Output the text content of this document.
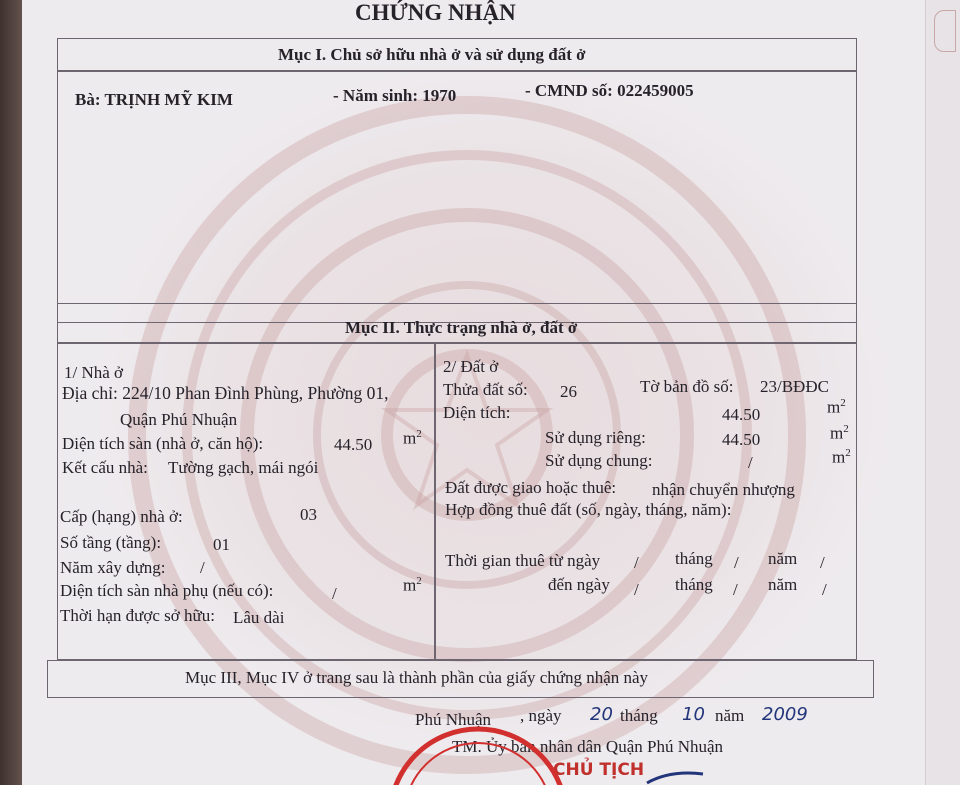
CHỨNG NHẬN
Mục I. Chủ sở hữu nhà ở và sử dụng đất ở
Bà: TRỊNH MỸ KIM	- Năm sinh: 1970	- CMND số: 022459005
Mục II. Thực trạng nhà ở, đất ở
1/ Nhà ở
Địa chỉ: 224/10 Phan Đình Phùng, Phường 01,
Quận Phú Nhuận
Diện tích sàn (nhà ở, căn hộ):	44.50 $m^2$
Kết cấu nhà: Tường gạch, mái ngói
Cấp (hạng) nhà ở:	03
Số tầng (tầng):	01
Năm xây dựng: /
Diện tích sàn nhà phụ (nếu có):	/	$m^2$
Thời hạn được sở hữu: Lâu dài
2/ Đất ở
Thửa đất số: 26	Tờ bản đồ số: 23/BĐĐC
Diện tích:	44.50	$m^2$
Sử dụng riêng:	44.50	$m^2$
Sử dụng chung:	/	$m^2$
Đất được giao hoặc thuê: nhận chuyển nhượng
Hợp đồng thuê đất (số, ngày, tháng, năm):
Thời gian thuê từ ngày / tháng / năm /
đến ngày / tháng / năm /
Mục III, Mục IV ở trang sau là thành phần của giấy chứng nhận này
Phú Nhuận , ngày 20 tháng 10 năm 2009
TM. Ủy ban nhân dân Quận Phú Nhuận
CHỦ TỊCH
